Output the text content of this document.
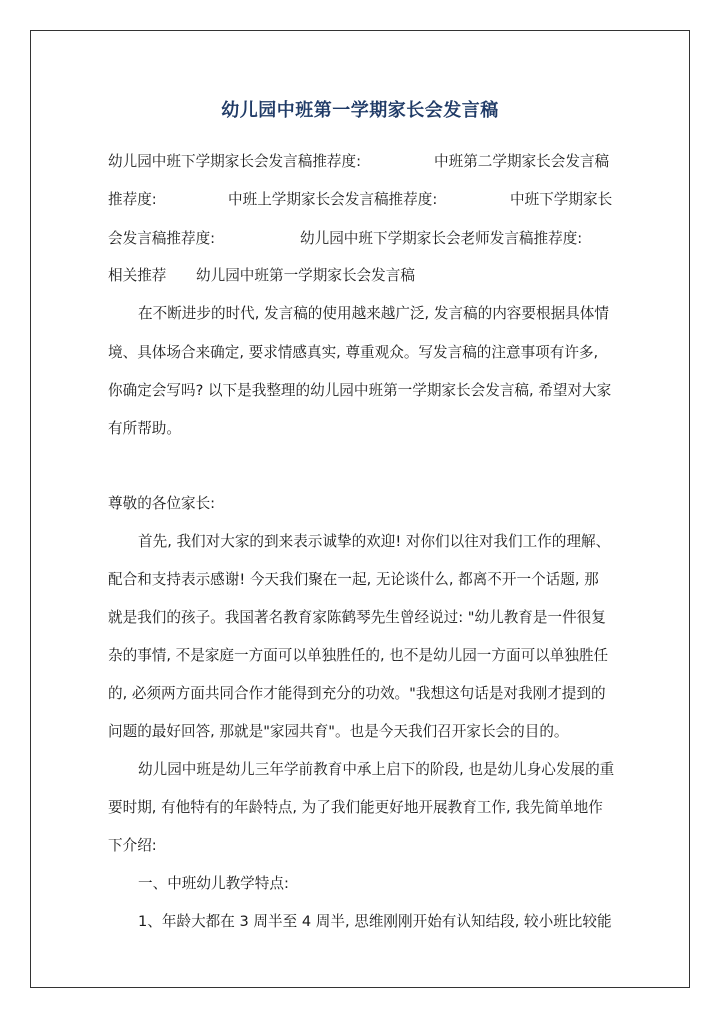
幼儿园中班第一学期家长会发言稿
幼儿园中班下学期家长会发言稿推荐度:	中班第二学期家长会发言稿
推荐度:	中班上学期家长会发言稿推荐度:	中班下学期家长
会发言稿推荐度:	幼儿园中班下学期家长会老师发言稿推荐度:
相关推荐 幼儿园中班第一学期家长会发言稿
在不断进步的时代, 发言稿的使用越来越广泛, 发言稿的内容要根据具体情
境、具体场合来确定, 要求情感真实, 尊重观众。写发言稿的注意事项有许多,
你确定会写吗? 以下是我整理的幼儿园中班第一学期家长会发言稿, 希望对大家
有所帮助。
尊敬的各位家长:
首先, 我们对大家的到来表示诚挚的欢迎! 对你们以往对我们工作的理解、
配合和支持表示感谢! 今天我们聚在一起, 无论谈什么, 都离不开一个话题, 那
就是我们的孩子。我国著名教育家陈鹤琴先生曾经说过: "幼儿教育是一件很复
杂的事情, 不是家庭一方面可以单独胜任的, 也不是幼儿园一方面可以单独胜任
的, 必须两方面共同合作才能得到充分的功效。"我想这句话是对我刚才提到的
问题的最好回答, 那就是"家园共育"。也是今天我们召开家长会的目的。
幼儿园中班是幼儿三年学前教育中承上启下的阶段, 也是幼儿身心发展的重
要时期, 有他特有的年龄特点, 为了我们能更好地开展教育工作, 我先简单地作
下介绍:
一、中班幼儿教学特点:
1、年龄大都在 3 周半至 4 周半, 思维刚刚开始有认知结段, 较小班比较能
